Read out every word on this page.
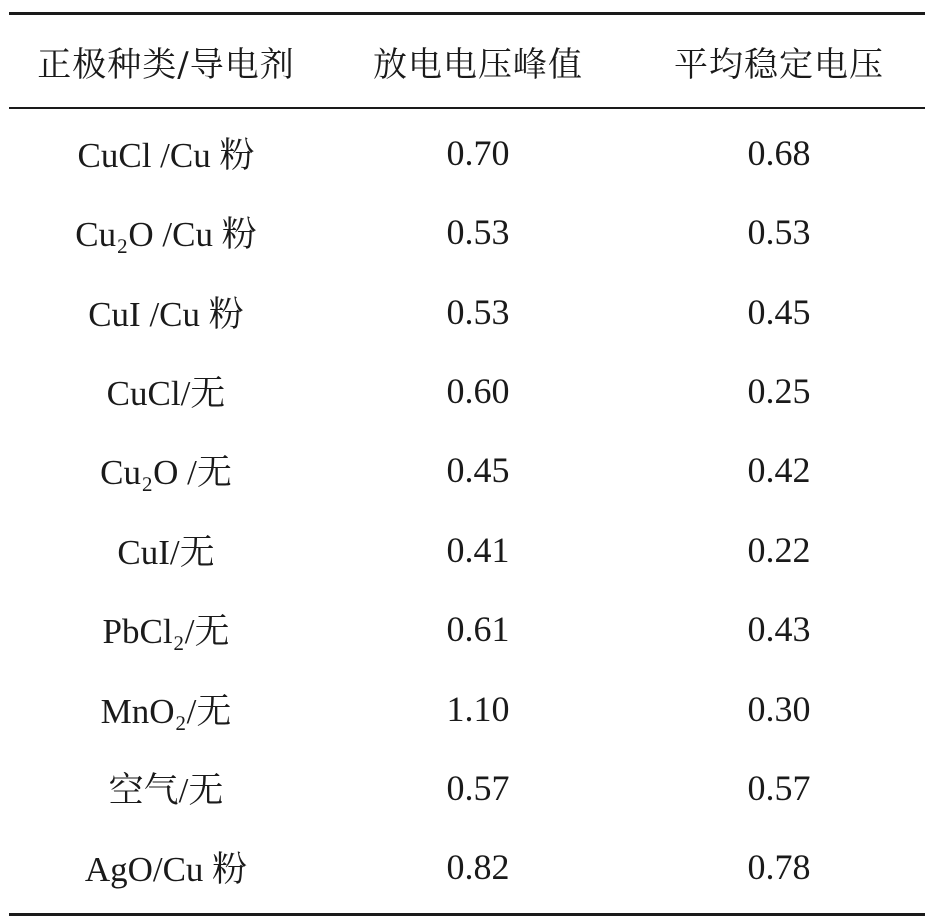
正极种类/导电剂	放电电压峰值	平均稳定电压
CuCl /Cu 粉	0.70	0.68
Cu₂O /Cu 粉	0.53	0.53
CuI /Cu 粉	0.53	0.45
CuCl/无	0.60	0.25
Cu₂O /无	0.45	0.42
CuI/无	0.41	0.22
PbCl₂/无	0.61	0.43
MnO₂/无	1.10	0.30
空气/无	0.57	0.57
AgO/Cu 粉	0.82	0.78
